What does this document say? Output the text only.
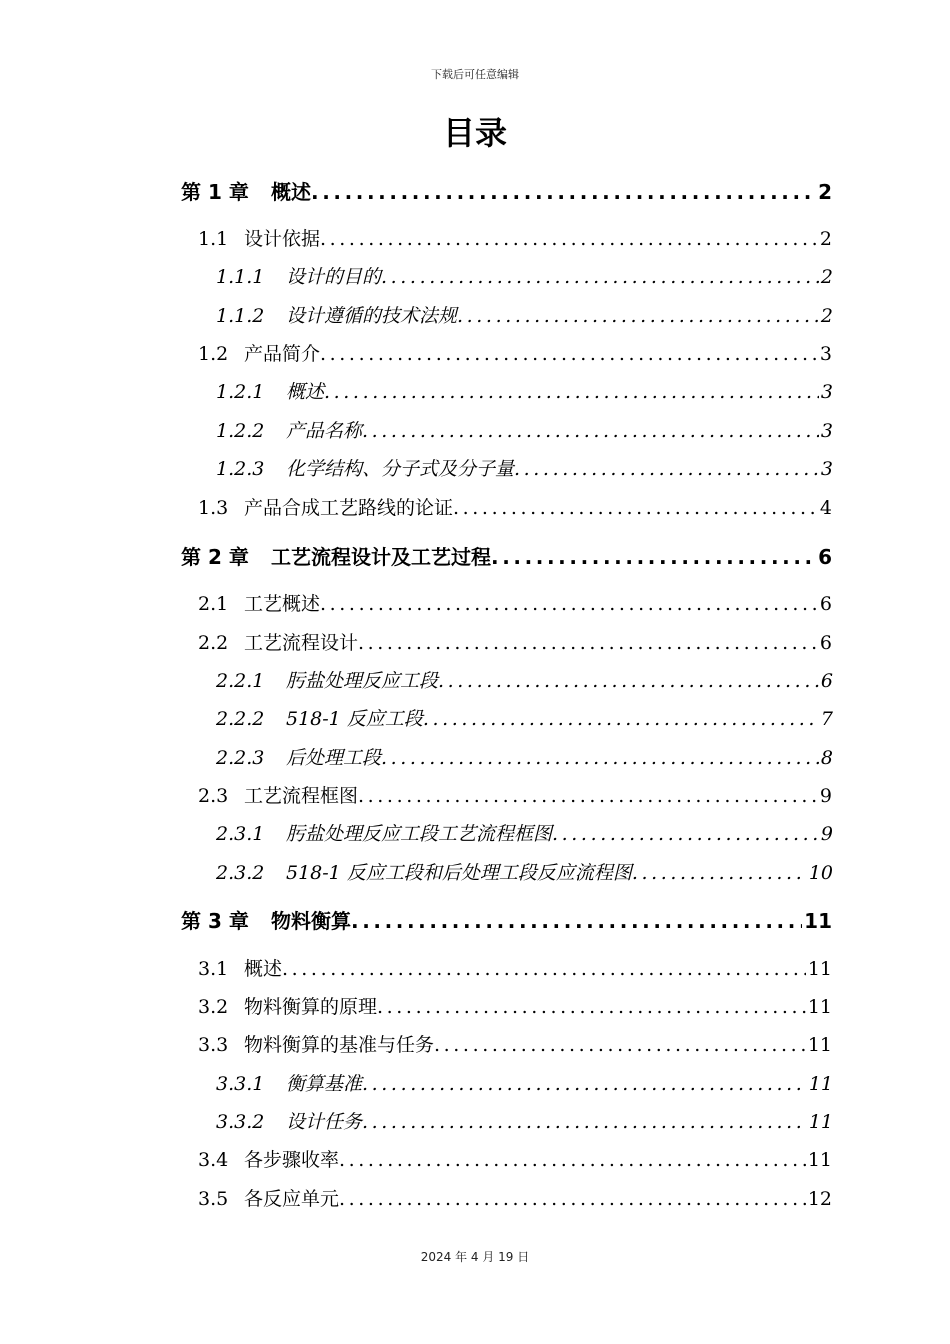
下载后可任意编辑
目录
第 1 章	概述 .....	2
1.1 设计依据 .....	2
1.1.1	设计的目的 .....	2
1.1.2	设计遵循的技术法规 .....	2
1.2 产品简介 .....	3
1.2.1	概述 .....	3
1.2.2	产品名称 .....	3
1.2.3	化学结构、分子式及分子量 .....	3
1.3 产品合成工艺路线的论证 .....	4
第 2 章	工艺流程设计及工艺过程 .....	6
2.1 工艺概述 .....	6
2.2 工艺流程设计 .....	6
2.2.1	肟盐处理反应工段 .....	6
2.2.2	518-1 反应工段 .....	7
2.2.3	后处理工段 .....	8
2.3 工艺流程框图 .....	9
2.3.1	肟盐处理反应工段工艺流程框图 .....	9
2.3.2	518-1 反应工段和后处理工段反应流程图 .....	10
第 3 章	物料衡算 .....	11
3.1 概述 .....	11
3.2 物料衡算的原理 .....	11
3.3 物料衡算的基准与任务 .....	11
3.3.1	衡算基准 .....	11
3.3.2	设计任务 .....	11
3.4 各步骤收率 .....	11
3.5 各反应单元 .....	12
2024 年 4 月 19 日
